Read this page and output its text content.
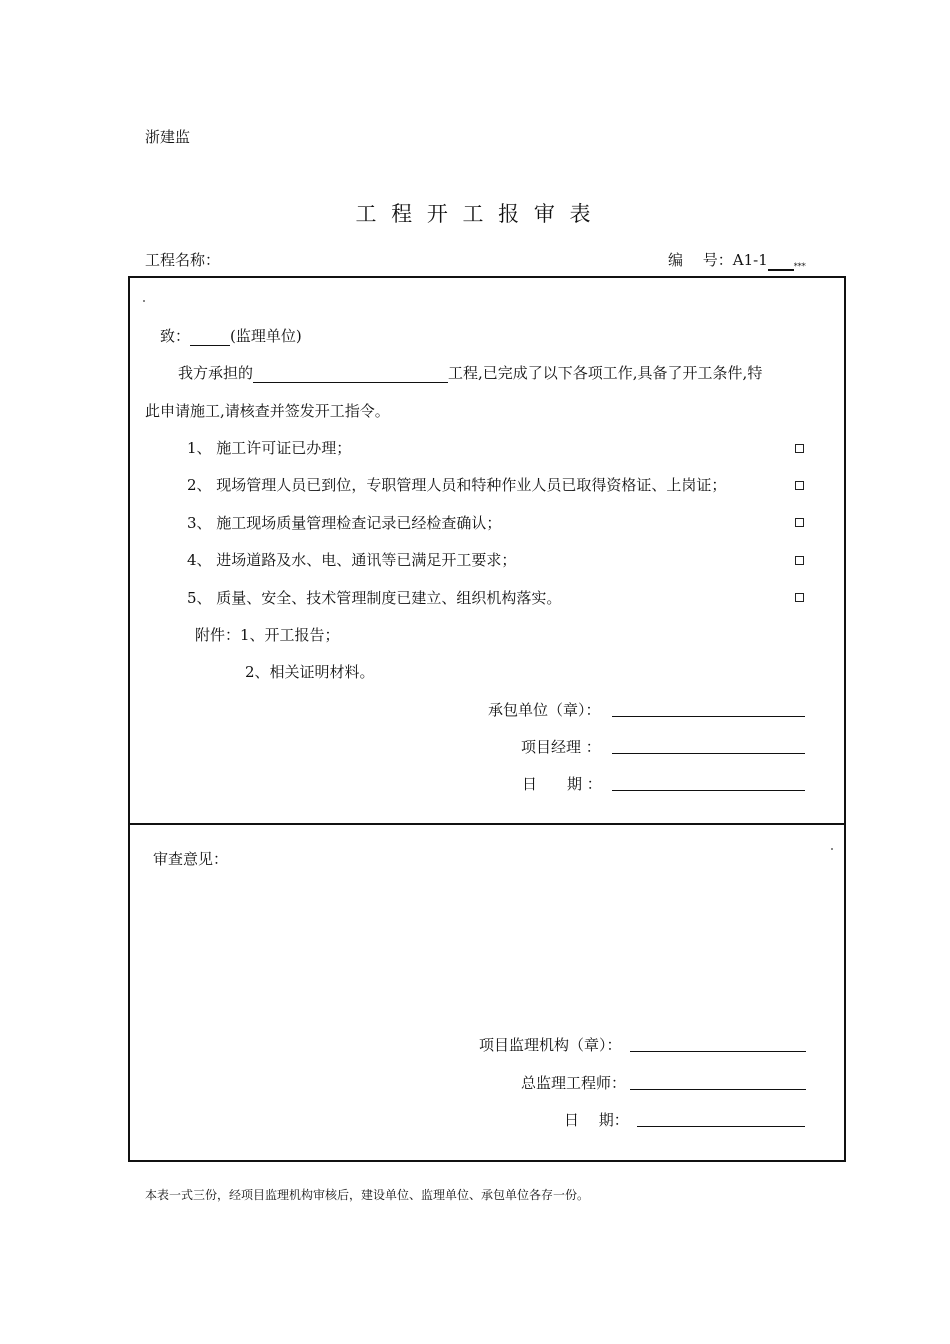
浙建监
工 程 开 工 报 审 表
工程名称：	编　 号：A1-1	$_{***}$
致：	(监理单位)
我方承担的	工程,已完成了以下各项工作,具备了开工条件,特
此申请施工,请核查并签发开工指令。
1、 施工许可证已办理；
2、 现场管理人员已到位，专职管理人员和特种作业人员已取得资格证、上岗证；
3、 施工现场质量管理检查记录已经检查确认；
4、 进场道路及水、电、通讯等已满足开工要求；
5、 质量、安全、技术管理制度已建立、组织机构落实。
附件：1、开工报告；
2、相关证明材料。
承包单位（章）：
项目经理 ：
日　　期 ：
审查意见：
项目监理机构（章）：
总监理工程师：
日　 期：
本表一式三份，经项目监理机构审核后，建设单位、监理单位、承包单位各存一份。
